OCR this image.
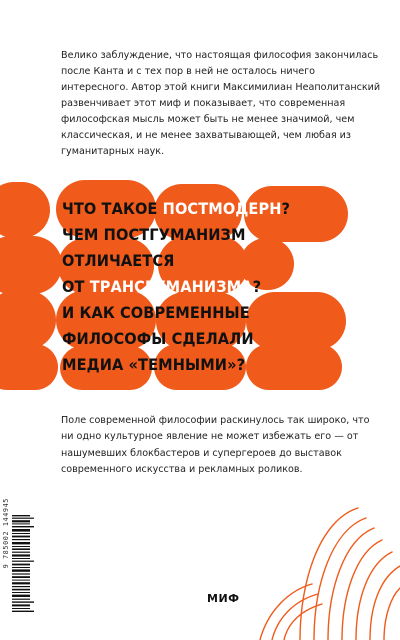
Велико заблуждение, что настоящая философия закончилась после Канта и с тех пор в ней не осталось ничего интересного. Автор этой книги Максимилиан Неаполитанский развенчивает этот миф и показывает, что современная философская мысль может быть не менее значимой, чем классическая, и не менее захватывающей, чем любая из гуманитарных наук.

ЧТО ТАКОЕ ПОСТМОДЕРН?
ЧЕМ ПОСТГУМАНИЗМ
ОТЛИЧАЕТСЯ
ОТ ТРАНСГУМАНИЗМА?
И КАК СОВРЕМЕННЫЕ
ФИЛОСОФЫ СДЕЛАЛИ
МЕДИА «ТЕМНЫМИ»?

Поле современной философии раскинулось так широко, что ни одно культурное явление не может избежать его — от нашумевших блокбастеров и супергероев до выставок современного искусства и рекламных роликов.

9 785002 144945
МИФ
